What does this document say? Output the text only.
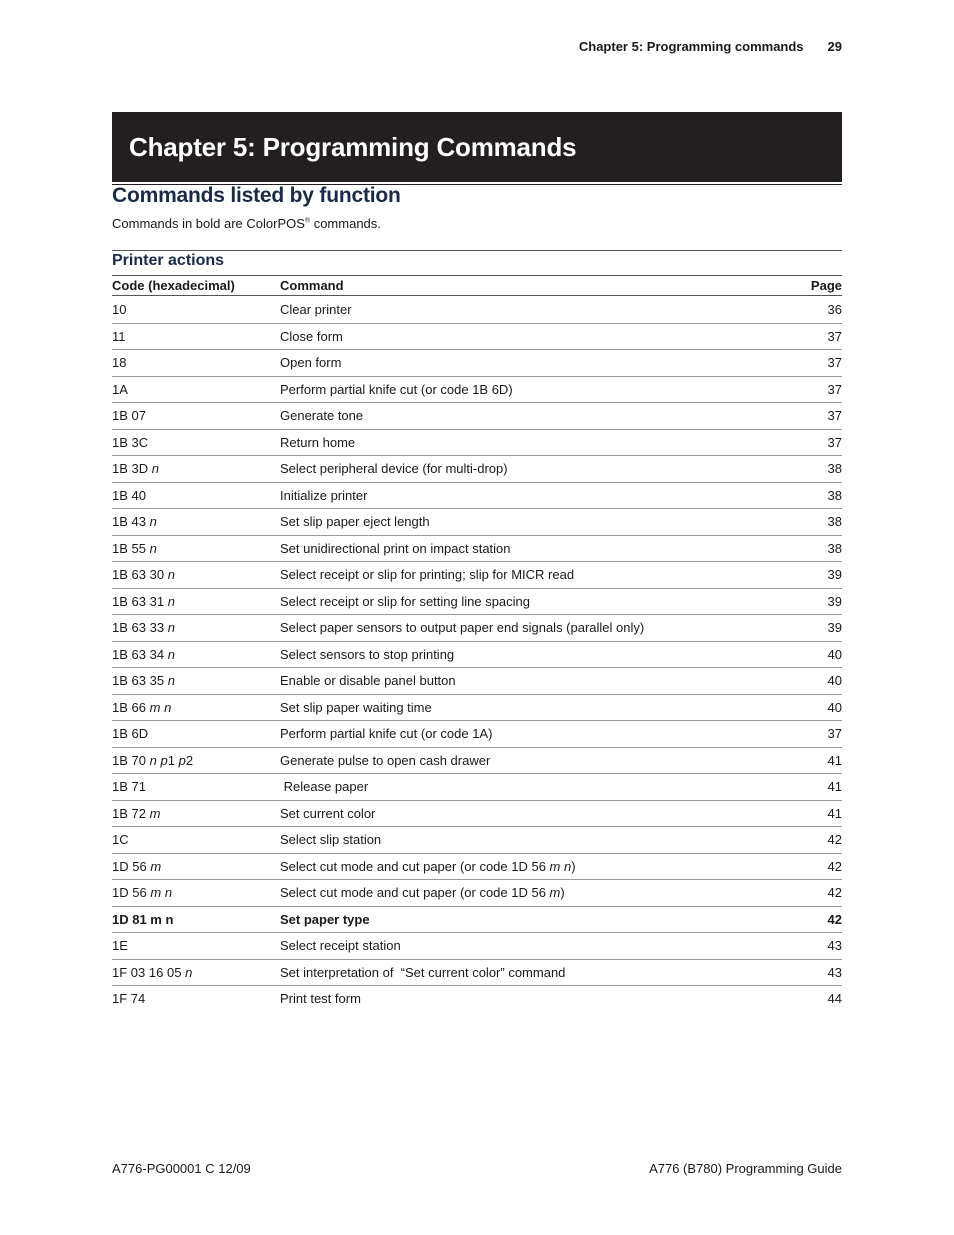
Chapter 5: Programming commands 29
Chapter 5: Programming Commands
Commands listed by function

Commands in bold are ColorPOS® commands.

Printer actions
Code (hexadecimal)	Command	Page
10	Clear printer	36
11	Close form	37
18	Open form	37
1A	Perform partial knife cut (or code 1B 6D)	37
1B 07	Generate tone	37
1B 3C	Return home	37
1B 3D n	Select peripheral device (for multi-drop)	38
1B 40	Initialize printer	38
1B 43 n	Set slip paper eject length	38
1B 55 n	Set unidirectional print on impact station	38
1B 63 30 n	Select receipt or slip for printing; slip for MICR read	39
1B 63 31 n	Select receipt or slip for setting line spacing	39
1B 63 33 n	Select paper sensors to output paper end signals (parallel only)	39
1B 63 34 n	Select sensors to stop printing	40
1B 63 35 n	Enable or disable panel button	40
1B 66 m n	Set slip paper waiting time	40
1B 6D	Perform partial knife cut (or code 1A)	37
1B 70 n p1 p2	Generate pulse to open cash drawer	41
1B 71	Release paper	41
1B 72 m	Set current color	41
1C	Select slip station	42
1D 56 m	Select cut mode and cut paper (or code 1D 56 m n)	42
1D 56 m n	Select cut mode and cut paper (or code 1D 56 m)	42
1D 81 m n	Set paper type	42
1E	Select receipt station	43
1F 03 16 05 n	Set interpretation of  “Set current color” command	43
1F 74	Print test form	44
A776-PG00001 C 12/09	A776 (B780) Programming Guide
